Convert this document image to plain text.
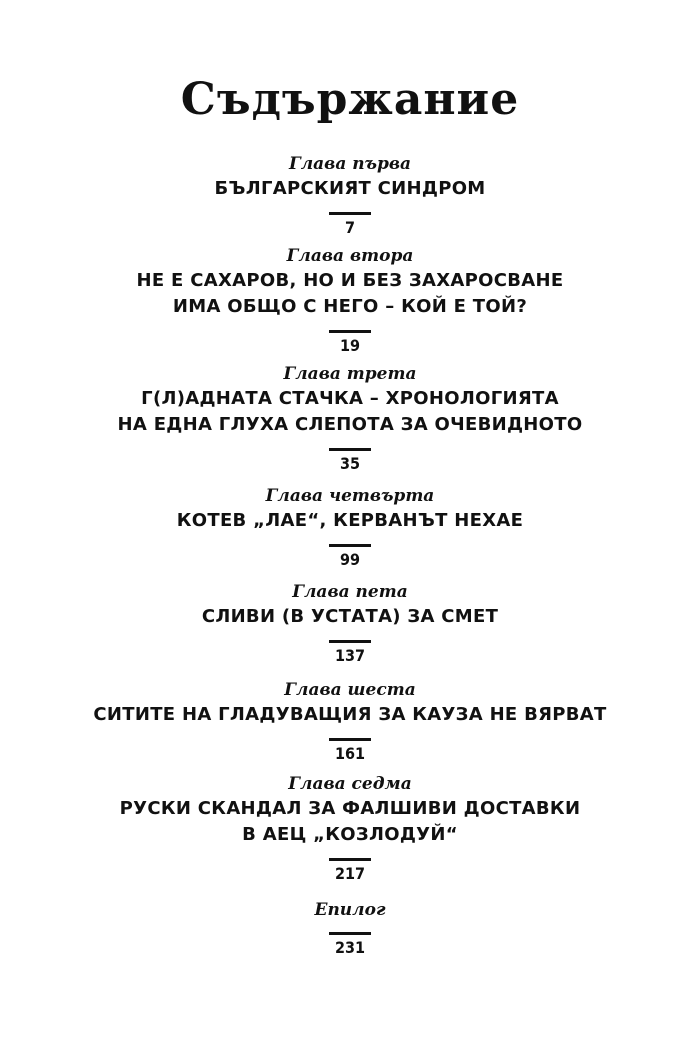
Съдържание
Глава първа
БЪЛГАРСКИЯТ СИНДРОМ
7
Глава втора
НЕ Е САХАРОВ, НО И БЕЗ ЗАХАРОСВАНЕ
ИМА ОБЩО С НЕГО – КОЙ Е ТОЙ?
19
Глава трета
Г(Л)АДНАТА СТАЧКА – ХРОНОЛОГИЯТА
НА ЕДНА ГЛУХА СЛЕПОТА ЗА ОЧЕВИДНОТО
35
Глава четвърта
КОТЕВ „ЛАЕ“, КЕРВАНЪТ НЕХАЕ
99
Глава пета
СЛИВИ (В УСТАТА) ЗА СМЕТ
137
Глава шеста
СИТИТЕ НА ГЛАДУВАЩИЯ ЗА КАУЗА НЕ ВЯРВАТ
161
Глава седма
РУСКИ СКАНДАЛ ЗА ФАЛШИВИ ДОСТАВКИ
В АЕЦ „КОЗЛОДУЙ“
217
Епилог
231
